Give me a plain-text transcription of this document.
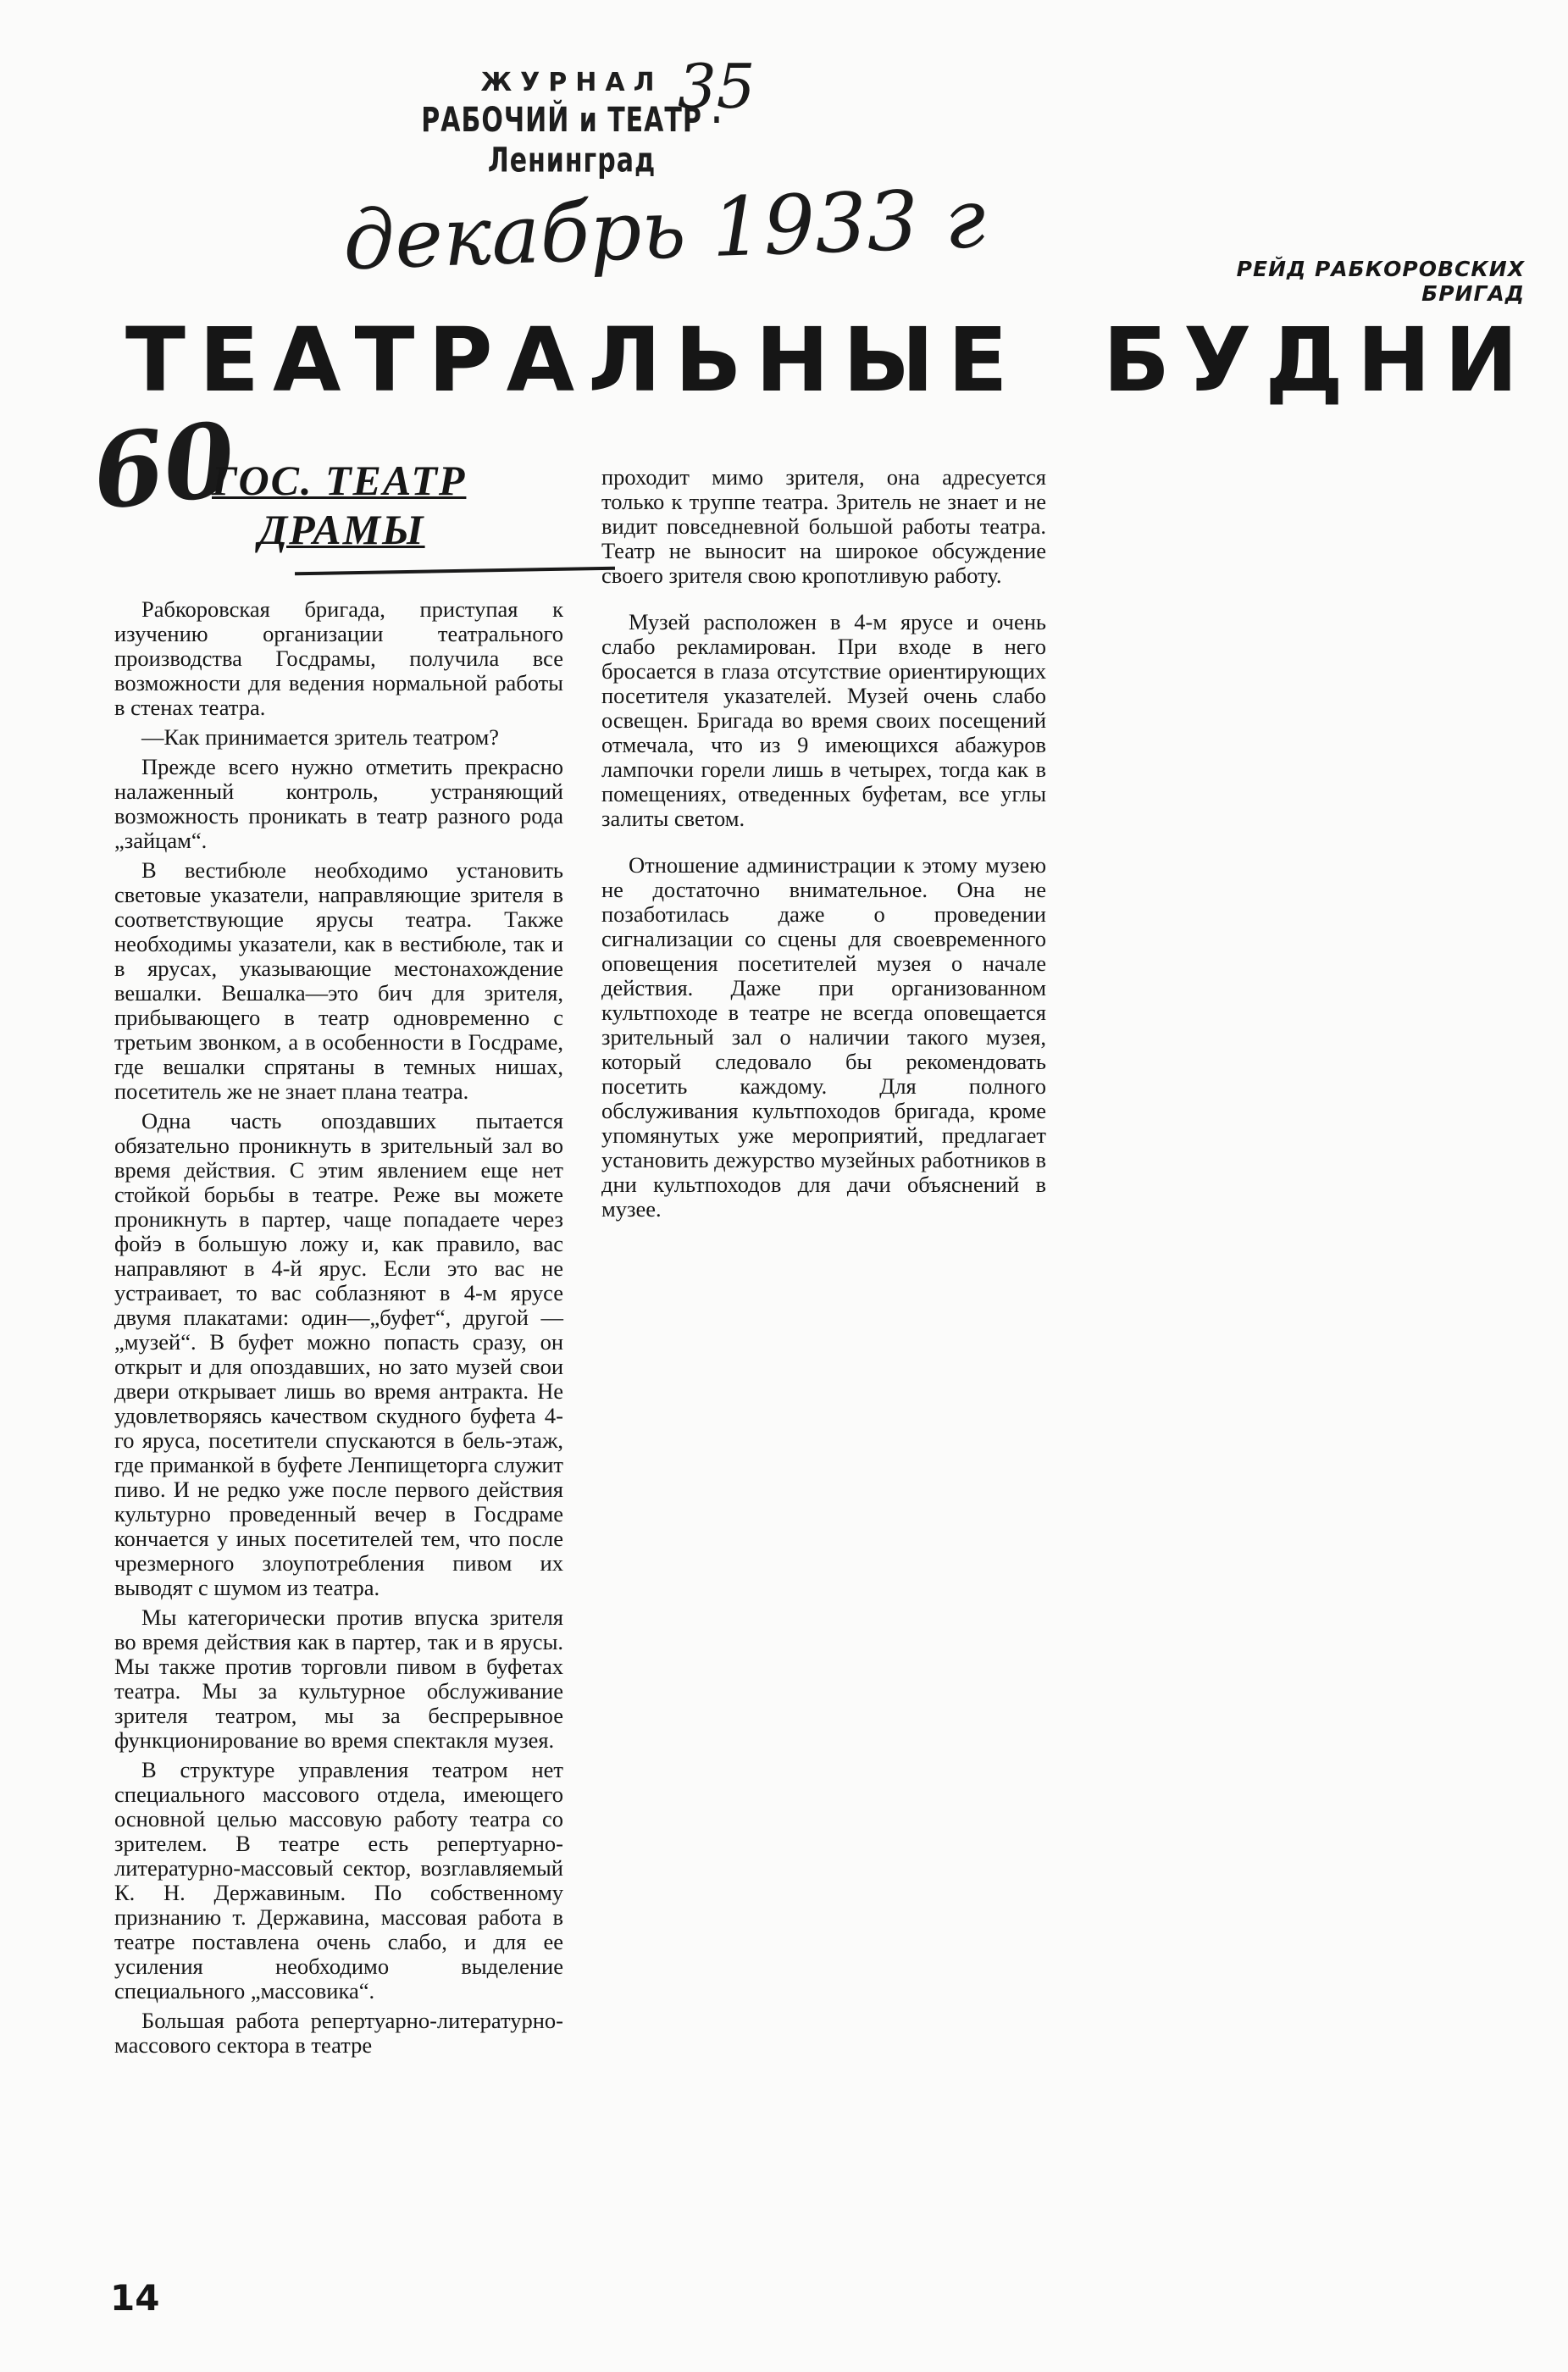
ЖУРНАЛ
РАБОЧИЙ и ТЕАТР · Ленинград
35
декабрь 1933 г
60
РЕЙД РАБКОРОВСКИХ БРИГАД
ТЕАТРАЛЬНЫЕ БУДНИ
ГОС. ТЕАТР
ДРАМЫ

Рабкоровская бригада, приступая к изучению организации театрального производства Госдрамы, получила все возможности для ведения нормальной работы в стенах театра.

—Как принимается зритель театром?

Прежде всего нужно отметить прекрасно налаженный контроль, устраняющий возможность проникать в театр разного рода „зайцам“.

В вестибюле необходимо установить световые указатели, направляющие зрителя в соответствующие ярусы театра. Также необходимы указатели, как в вестибюле, так и в ярусах, указывающие местонахождение вешалки. Вешалка—это бич для зрителя, прибывающего в театр одновременно с третьим звонком, а в особенности в Госдраме, где вешалки спрятаны в темных нишах, посетитель же не знает плана театра.

Одна часть опоздавших пытается обязательно проникнуть в зрительный зал во время действия. С этим явлением еще нет стойкой борьбы в театре. Реже вы можете проникнуть в партер, чаще попадаете через фойэ в большую ложу и, как правило, вас направляют в 4-й ярус. Если это вас не устраивает, то вас соблазняют в 4-м ярусе двумя плакатами: один—„буфет“, другой — „музей“. В буфет можно попасть сразу, он открыт и для опоздавших, но зато музей свои двери открывает лишь во время антракта. Не удовлетворяясь качеством скудного буфета 4-го яруса, посетители спускаются в бель-этаж, где приманкой в буфете Ленпищеторга служит пиво. И не редко уже после первого действия культурно проведенный вечер в Госдраме кончается у иных посетителей тем, что после чрезмерного злоупотребления пивом их выводят с шумом из театра.

Мы категорически против впуска зрителя во время действия как в партер, так и в ярусы. Мы также против торговли пивом в буфетах театра. Мы за культурное обслуживание зрителя театром, мы за беспрерывное функционирование во время спектакля музея.

В структуре управления театром нет специального массового отдела, имеющего основной целью массовую работу театра со зрителем. В театре есть репертуарно-литературно-массовый сектор, возглавляемый К. Н. Державиным. По собственному признанию т. Державина, массовая работа в театре поставлена очень слабо, и для ее усиления необходимо выделение специального „массовика“.

Большая работа репертуарно-литературно-массового сектора в театре

проходит мимо зрителя, она адресуется только к труппе театра. Зритель не знает и не видит повседневной большой работы театра. Театр не выносит на широкое обсуждение своего зрителя свою кропотливую работу.

Музей расположен в 4-м ярусе и очень слабо рекламирован. При входе в него бросается в глаза отсутствие ориентирующих посетителя указателей. Музей очень слабо освещен. Бригада во время своих посещений отмечала, что из 9 имеющихся абажуров лампочки горели лишь в четырех, тогда как в помещениях, отведенных буфетам, все углы залиты светом.

Отношение администрации к этому музею не достаточно внимательное. Она не позаботилась даже о проведении сигнализации со сцены для своевременного оповещения посетителей музея о начале действия. Даже при организованном культпоходе в театре не всегда оповещается зрительный зал о наличии такого музея, который следовало бы рекомендовать посетить каждому. Для полного обслуживания культпоходов бригада, кроме упомянутых уже мероприятий, предлагает установить дежурство музейных работников в дни культпоходов для дачи объяснений в музее.

14
